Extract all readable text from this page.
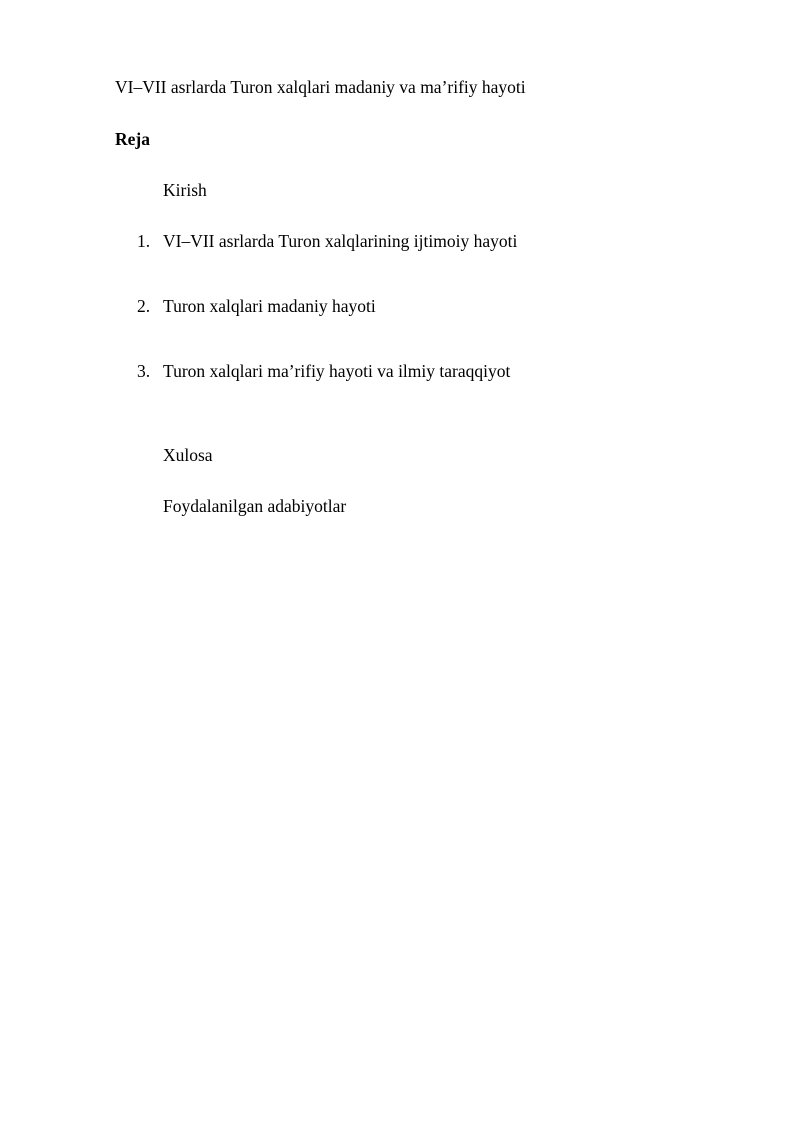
VI–VII asrlarda Turon xalqlari madaniy va ma’rifiy hayoti
Reja
Kirish
1. VI–VII asrlarda Turon xalqlarining ijtimoiy hayoti
2. Turon xalqlari madaniy hayoti
3. Turon xalqlari ma’rifiy hayoti va ilmiy taraqqiyot
Xulosa
Foydalanilgan adabiyotlar
